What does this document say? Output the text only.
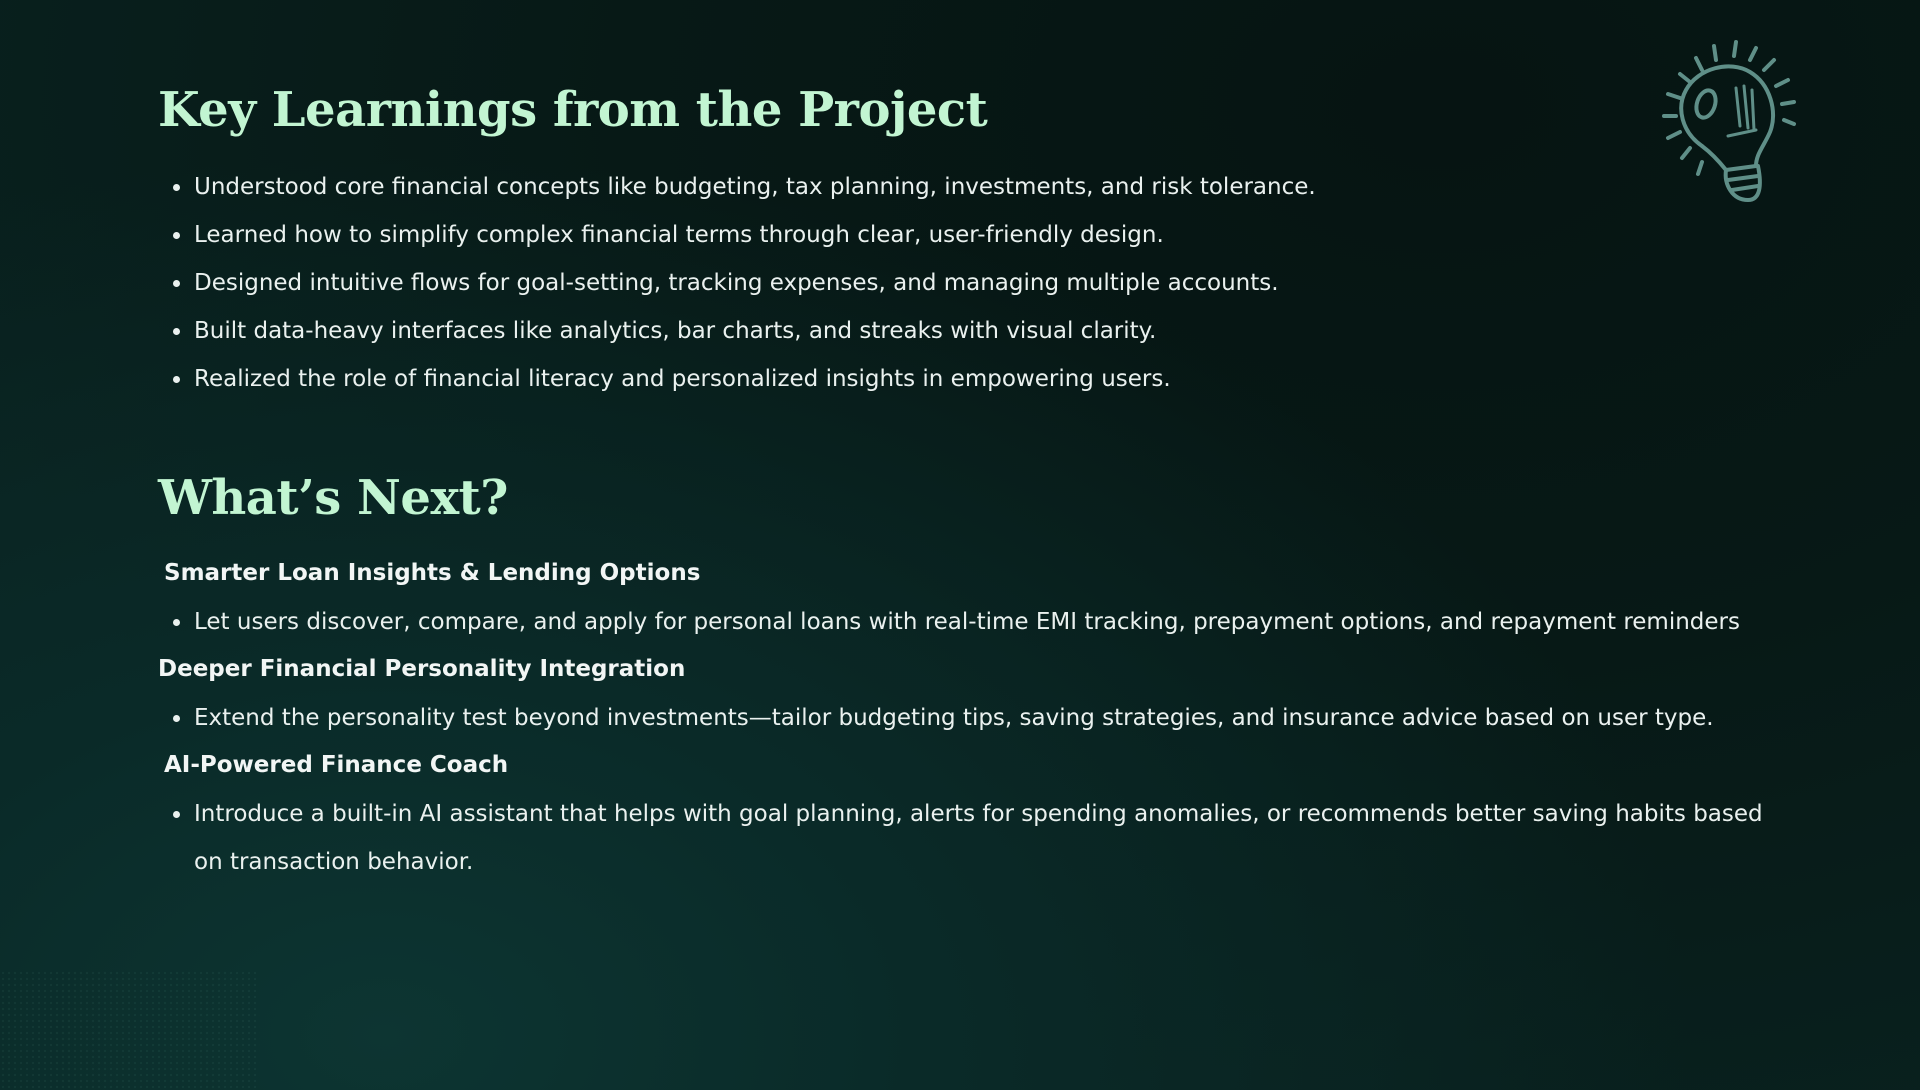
Key Learnings from the Project
Understood core financial concepts like budgeting, tax planning, investments, and risk tolerance.
Learned how to simplify complex financial terms through clear, user-friendly design.
Designed intuitive flows for goal-setting, tracking expenses, and managing multiple accounts.
Built data-heavy interfaces like analytics, bar charts, and streaks with visual clarity.
Realized the role of financial literacy and personalized insights in empowering users.
What’s Next?

Smarter Loan Insights & Lending Options

Let users discover, compare, and apply for personal loans with real-time EMI tracking, prepayment options, and repayment reminders

Deeper Financial Personality Integration

Extend the personality test beyond investments—tailor budgeting tips, saving strategies, and insurance advice based on user type.

AI-Powered Finance Coach

Introduce a built-in AI assistant that helps with goal planning, alerts for spending anomalies, or recommends better saving habits based on transaction behavior.
